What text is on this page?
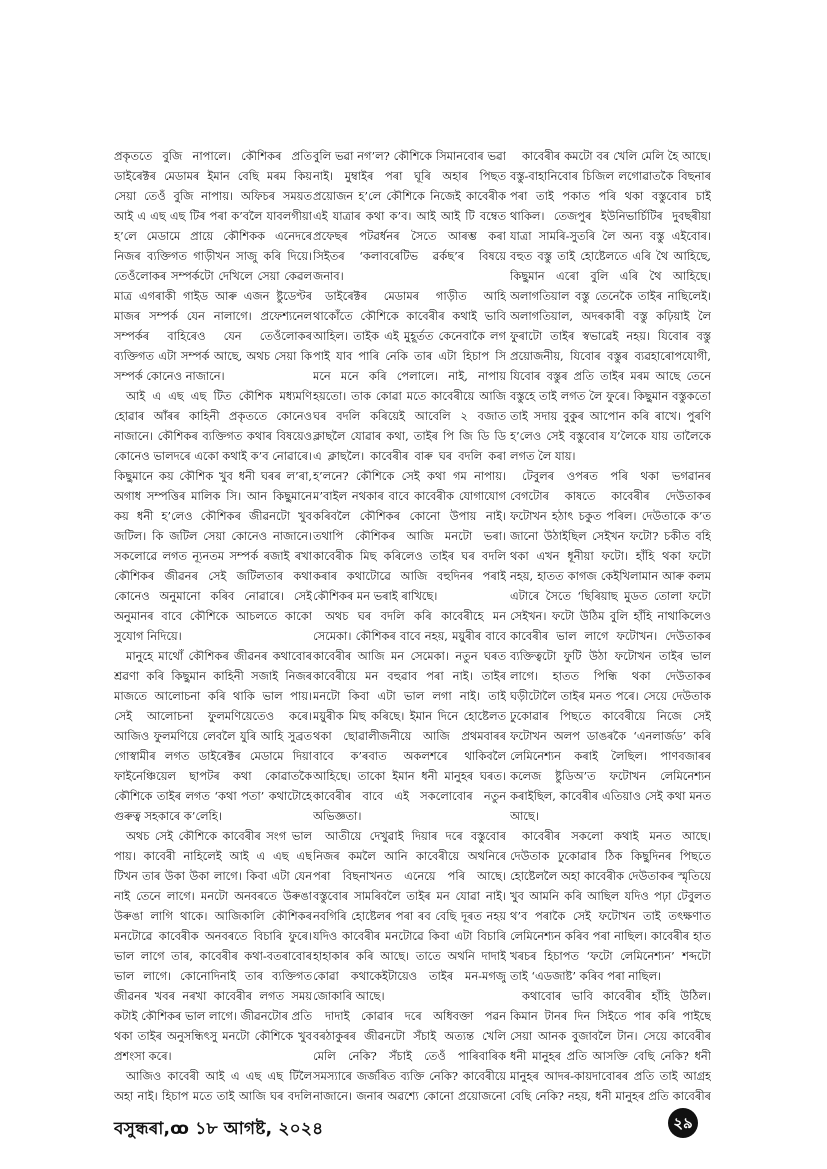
প্ৰকৃততে বুজি নাপালে। কৌশিকৰ প্ৰতি ডাইৰেক্টৰ মেডামৰ ইমান বেছি মৰম কিয় সেয়া তেওঁ বুজি নাপায়। অফিচৰ সময়ত আই এ এছ এছ টিৰ পৰা ক’বলৈ যাবলগীয়া হ’লে মেডামে প্ৰায়ে কৌশিকক এনেদৰে নিজৰ ব্যক্তিগত গাড়ীখন সাজু কৰি দিয়ে। তেওঁলোকৰ সম্পৰ্কটো দেখিলে সেয়া কেৱল মাত্ৰ এগৰাকী গাইড আৰু এজন ষ্টুডেণ্টৰ মাজৰ সম্পৰ্ক যেন নালাগে। প্ৰফেশ্যনেল সম্পৰ্কৰ বাহিৰেও যেন তেওঁলোকৰ ব্যক্তিগত এটা সম্পৰ্ক আছে, অথচ সেয়া কি সম্পৰ্ক কোনেও নাজানে।

আই এ এছ এছ টিত কৌশিক মধ্যমণি হোৱাৰ আঁৰৰ কাহিনী প্ৰকৃততে কোনেও নাজানে। কৌশিকৰ ব্যক্তিগত কথাৰ বিষয়েও কোনেও ভালদৰে একো কথাই ক’ব নোৱাৰে। কিছুমানে কয় কৌশিক খুব ধনী ঘৰৰ ল’ৰা, অগাধ সম্পত্তিৰ মালিক সি। আন কিছুমানে কয় ধনী হ’লেও কৌশিকৰ জীৱনটো খুব জটিল। কি জটিল সেয়া কোনেও নাজানে। সকলোৱে লগত ন্যূনতম সম্পৰ্ক ৰজাই ৰখা কৌশিকৰ জীৱনৰ সেই জটিলতাৰ কথা কোনেও অনুমানো কৰিব নোৱাৰে। সেই অনুমানৰ বাবে কৌশিকে আচলতে কাকো সুযোগ নিদিয়ে।

মানুহে মাথোঁ কৌশিকৰ জীৱনৰ কথাবোৰ শ্ৰৱণা কৰি কিছুমান কাহিনী সজাই নিজৰ মাজতে আলোচনা কৰি থাকি ভাল পায়। সেই আলোচনা ফুলমণিয়েতেও কৰে। আজিও ফুলমণিয়ে লেবলৈ যুৰি আহি সুব্ৰত গোস্বামীৰ লগত ডাইৰেক্টৰ মেডামে দিয়া ফাইনেঞ্চিয়েল ছাপটৰ কথা কোৱাতকৈ কৌশিকে তাইৰ লগত ‘কথা পতা’ কথাটোহে গুৰুত্ব সহকাৰে ক’লেহি।

অথচ সেই কৌশিকে কাবেৰীৰ সংগ ভাল পায়। কাবেৰী নাহিলেই আই এ এছ এছ টিখন তাৰ উকা উকা লাগে। কিবা এটা যেন নাই তেনে লাগে। মনটো অনবৰতে উৰুঙা উৰুঙা লাগি থাকে। আজিকালি কৌশিকৰ মনটোৱে কাবেৰীক অনবৰতে বিচাৰি ফুৰে। ভাল লাগে তাৰ, কাবেৰীৰ কথা-বতৰাবোৰ ভাল লাগে। কোনোদিনাই তাৰ ব্যক্তিগত জীৱনৰ খবৰ নৰখা কাবেৰীৰ লগত সময় কটাই কৌশিকৰ ভাল লাগে। জীৱনটোৰ প্ৰতি থকা তাইৰ অনুসন্ধিৎসু মনটো কৌশিকে খুব প্ৰশংসা কৰে।

আজিও কাবেৰী আই এ এছ এছ টিলৈ অহা নাই। হিচাপ মতে তাই আজি ঘৰ বদলি

বুলি ভৱা নগ’ল? কৌশিকে সিমানবোৰ ভৱা নাই। মুম্বাইৰ পৰা ঘূৰি অহাৰ পিছত প্ৰয়োজন হ’লে কৌশিকে নিজেই কাবেৰীক এই যাত্ৰাৰ কথা ক’ব। আই আই টি বম্বেত প্ৰফেছৰ পটৱৰ্ধনৰ সৈতে আৰম্ভ কৰা সিইতৰ ‘কলাবৰেটিভ ৱৰ্কছ’ৰ বিষয়ে জনাব।

ডাইৰেক্টৰ মেডামৰ গাড়ীত আহি থাকোঁতে কৌশিকে কাবেৰীৰ কথাই ভাবি আহিল। তাইক এই মুহূৰ্তত কেনেবাকৈ লগ পাই যাব পাৰি নেকি তাৰ এটা হিচাপ সি মনে মনে কৰি পেলালে। নাই, নাপায় হয়তো। তাক কোৱা মতে কাবেৰীয়ে আজি ঘৰ বদলি কৰিয়েই আবেলি ২ বজাত ক্লাছলৈ যোৱাৰ কথা, তাইৰ পি জি ডি ডি এ ক্লাছলৈ। কাবেৰীৰ বাৰু ঘৰ বদলি কৰা হ’লনে? কৌশিকে সেই কথা গম নাপায়। ম’বাইল নথকাৰ বাবে কাবেৰীক যোগাযোগ কৰিবলৈ কৌশিকৰ কোনো উপায় নাই। তথাপি কৌশিকৰ আজি মনটো ভৰা। কাবেৰীক মিছ কৰিলেও তাইৰ ঘৰ বদলি কৰাৰ কথাটোৱে আজি বহুদিনৰ পৰাই কৌশিকৰ মন ভৰাই ৰাখিছে।

অথচ ঘৰ বদলি কৰি কাবেৰীহে মন সেমেকা। কৌশিকৰ বাবে নহয়, ময়ুৰীৰ বাবে কাবেৰীৰ আজি মন সেমেকা। নতুন ঘৰত কাবেৰীয়ে মন বহুৱাব পৰা নাই। তাইৰ মনটো কিবা এটা ভাল লগা নাই। তাই ময়ুৰীক মিছ কৰিছে। ইমান দিনে হোষ্টেলত থকা ছোৱালীজনীয়ে আজি প্ৰথমবাৰৰ বাবে ক’ৰবাত অকলশৰে থাকিবলৈ আহিছে। তাকো ইমান ধনী মানুহৰ ঘৰত। কাবেৰীৰ বাবে এই সকলোবোৰ নতুন অভিজ্ঞতা।

আতীয়ে দেখুৱাই দিয়াৰ দৰে বস্তুবোৰ নিজৰ কমলৈ আনি কাবেৰীয়ে অথনিৰে পৰা বিছনাখনত এনেয়ে পৰি আছে। বস্তুবোৰ সামৰিবলৈ তাইৰ মন যোৱা নাই। নবগিৰি হোষ্টেলৰ পৰা ৰব বেছি দূৰত নহয় যদিও কাবেৰীৰ মনটোৱে কিবা এটা বিচাৰি হাহাকাৰ কৰি আছে। তাতে অথনি দাদাই কোৱা কথাকেইটায়েও তাইৰ মন-মগজু জোকাৰি আছে।

দাদাই কোৱাৰ দৰে অধিবক্তা পৱন বৰঠাকুৰৰ জীৱনটো সঁচাই অত্যন্ত খেলি মেলি নেকি? সঁচাই তেওঁ পাৰিবাৰিক সমস্যাৰে জৰ্জৰিত ব্যক্তি নেকি? কাবেৰীয়ে নাজানে। জনাৰ অৱশ্যে কোনো প্ৰয়োজনো

কাবেৰীৰ কমটো বৰ খেলি মেলি হৈ আছে। বস্তু-বাহানিবোৰ চিজিল লগোৱাতকৈ বিছনাৰ পৰা তাই পকাত পৰি থকা বস্তুবোৰ চাই থাকিল। তেজপুৰ ইউনিভাৰ্চিটিৰ দুবছৰীয়া যাত্ৰা সামৰি-সুতৰি লৈ অন্য বস্তু এইবোৰ। বহুত বস্তু তাই হোষ্টেলতে এৰি থৈ আহিছে, কিছুমান এৰো বুলি এৰি থৈ আহিছে। অলাগতিয়াল বস্তু তেনেকৈ তাইৰ নাছিলেই। অলাগতিয়াল, অদৰকাৰী বস্তু কঢ়িয়াই লৈ ফুৰাটো তাইৰ স্বভাৱেই নহয়। যিবোৰ বস্তু প্ৰয়োজনীয়, যিবোৰ বস্তুৰ ব্যৱহাৰোপযোগী, যিবোৰ বস্তুৰ প্ৰতি তাইৰ মৰম আছে তেনে বস্তুহে তাই লগত লৈ ফুৰে। কিছুমান বস্তুকতো তাই সদায় বুকুৰ আপোন কৰি ৰাখে। পুৰণি হ’লেও সেই বস্তুবোৰ য’লৈকে যায় তালৈকে লগত লৈ যায়।

টেবুলৰ ওপৰত পৰি থকা ভগৱানৰ বেগটোৰ কাষতে কাবেৰীৰ দেউতাকৰ ফটোখন হঠাৎ চকুত পৰিল। দেউতাকে ক’ত জানো উঠাইছিল সেইখন ফটো? চকীত বহি থকা এখন ধূনীয়া ফটো। হাঁহি থকা ফটো নহয়, হাতত কাগজ কেইখিলামান আৰু কলম এটাৰে সৈতে ‘ছিৰিয়াছ মুডত তোলা ফটো সেইখন। ফটো উঠিম বুলি হাঁহি নাথাকিলেও কাবেৰীৰ ভাল লাগে ফটোখন। দেউতাকৰ ব্যক্তিত্বটো ফুটি উঠা ফটোখন তাইৰ ভাল লাগে। হাতত পিন্ধি থকা দেউতাকৰ ঘড়ীটোলৈ তাইৰ মনত পৰে। সেয়ে দেউতাক ঢুকোৱাৰ পিছতে কাবেৰীয়ে নিজে সেই ফটোখন অলপ ডাঙৰকৈ ‘এনলাৰ্জড’ কৰি লেমিনেশ্যন কৰাই লৈছিল। পাণবজাৰৰ কলেজ ষ্টুডিঅ’ত ফটোখন লেমিনেশ্যন কৰাইছিল, কাবেৰীৰ এতিয়াও সেই কথা মনত আছে।

কাবেৰীৰ সকলো কথাই মনত আছে। দেউতাক ঢুকোৱাৰ ঠিক কিছুদিনৰ পিছতে হোষ্টেললৈ অহা কাবেৰীক দেউতাকৰ স্মৃতিয়ে খুব আমনি কৰি আছিল যদিও পঢ়া টেবুলত থ’ব পৰাকৈ সেই ফটোখন তাই তৎক্ষণাত লেমিনেশ্যন কৰিব পৰা নাছিল। কাবেৰীৰ হাত খৰচৰ হিচাপত ‘ফটো লেমিনেশ্যন’ শব্দটো তাই ‘এডজাষ্ট’ কৰিব পৰা নাছিল।

কথাবোৰ ভাবি কাবেৰীৰ হাঁহি উঠিল। কিমান টানৰ দিন সিইতে পাৰ কৰি পাইছে সেয়া আনক বুজাবলৈ টান। সেয়ে কাবেৰীৰ ধনী মানুহৰ প্ৰতি আসক্তি বেছি নেকি? ধনী মানুহৰ আদৰ-কায়দাবোৰৰ প্ৰতি তাই আগ্ৰহ বেছি নেকি? নহয়, ধনী মানুহৰ প্ৰতি কাবেৰীৰ

বসুন্ধৰা,ꝏ ১৮ আগষ্ট, ২০২৪	২৯
